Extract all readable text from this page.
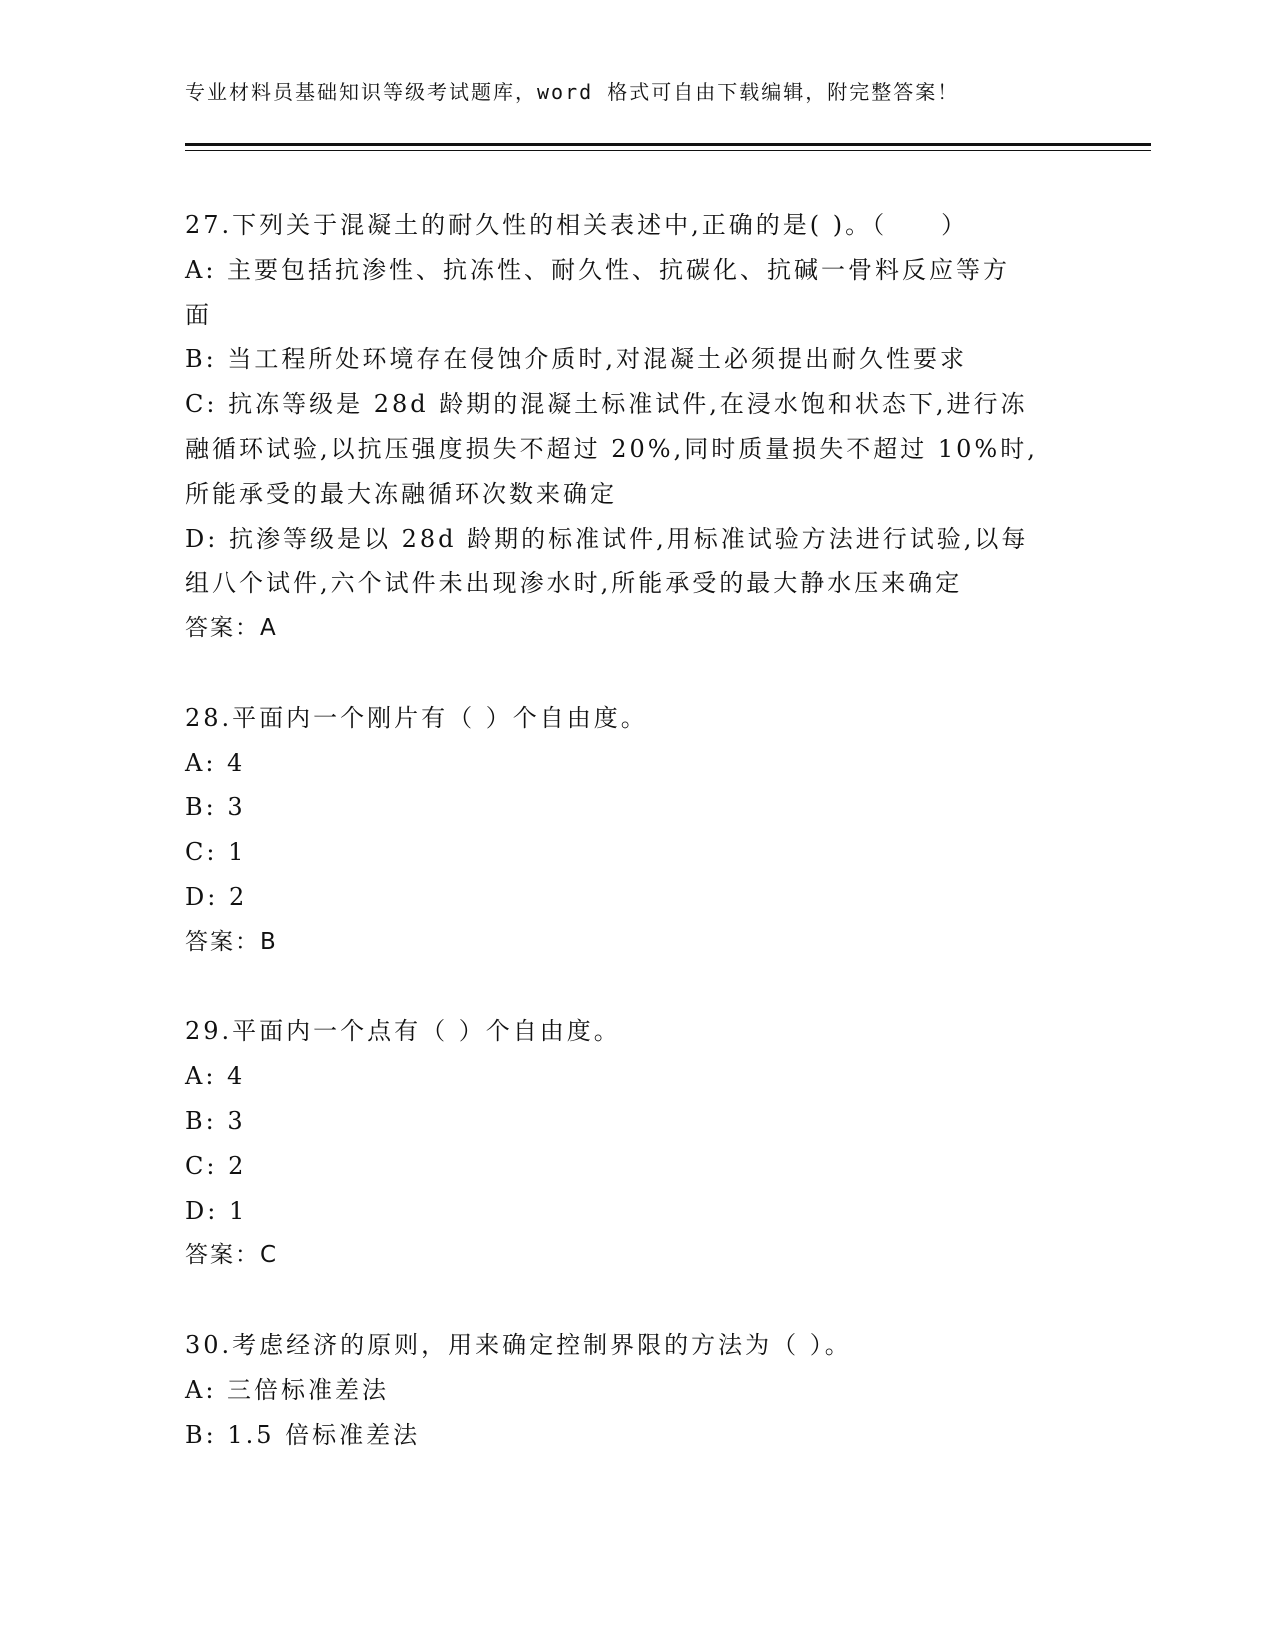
专业材料员基础知识等级考试题库，word 格式可自由下载编辑，附完整答案！
27.下列关于混凝土的耐久性的相关表述中,正确的是( )。（　　）
A: 主要包括抗渗性、抗冻性、耐久性、抗碳化、抗碱一骨料反应等方
面
B: 当工程所处环境存在侵蚀介质时,对混凝土必须提出耐久性要求
C: 抗冻等级是 28d 龄期的混凝土标准试件,在浸水饱和状态下,进行冻
融循环试验,以抗压强度损失不超过 20%,同时质量损失不超过 10%时,
所能承受的最大冻融循环次数来确定
D: 抗渗等级是以 28d 龄期的标准试件,用标准试验方法进行试验,以每
组八个试件,六个试件未出现渗水时,所能承受的最大静水压来确定
答案：A
28.平面内一个刚片有（ ）个自由度。
A: 4
B: 3
C: 1
D: 2
答案：B
29.平面内一个点有（ ）个自由度。
A: 4
B: 3
C: 2
D: 1
答案：C
30.考虑经济的原则，用来确定控制界限的方法为（ ）。
A: 三倍标准差法
B: 1.5 倍标准差法
